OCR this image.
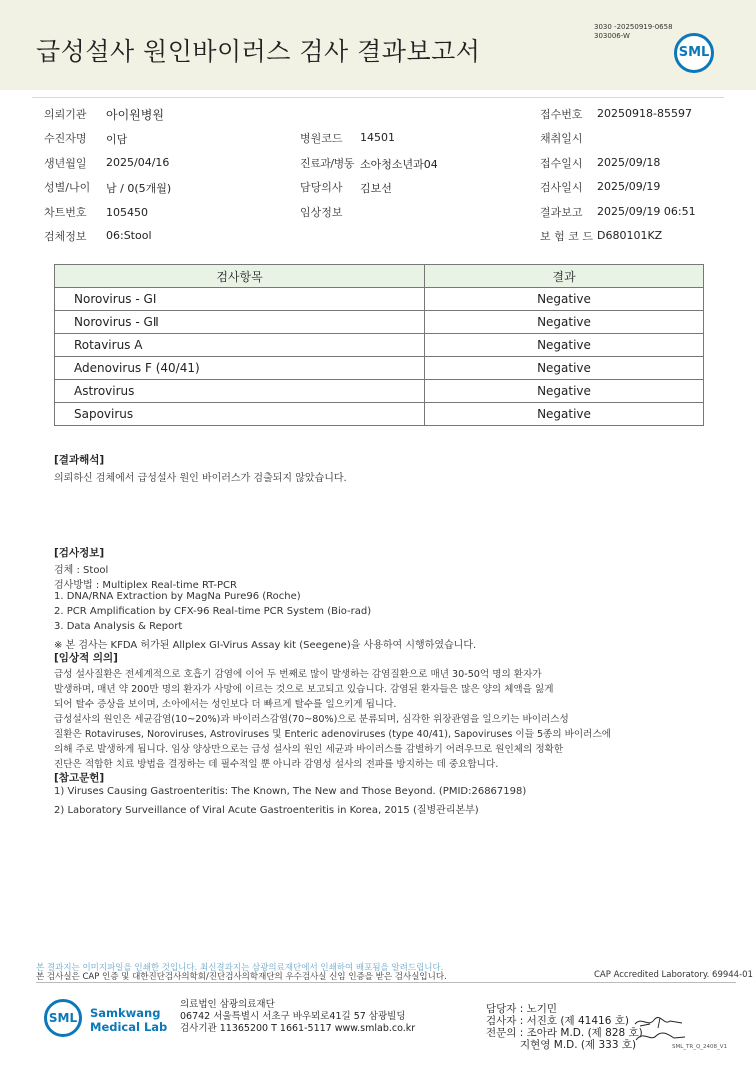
급성설사 원인바이러스 검사 결과보고서
3030 -20250919-0658
303006-W
SML
의뢰기관 아이원병원
수진자명 이담
생년월일 2025/04/16
성별/나이 남 / 0(5개월)
차트번호 105450
검체정보 06:Stool
병원코드 14501
진료과/병동 소아청소년과04
담당의사 김보선
임상정보
접수번호 20250918-85597
채취일시
접수일시 2025/09/18
검사일시 2025/09/19
결과보고 2025/09/19 06:51
보 험 코 드 D680101KZ
검사항목	결과
Norovirus - GⅠ	Negative
Norovirus - GⅡ	Negative
Rotavirus A	Negative
Adenovirus F (40/41)	Negative
Astrovirus	Negative
Sapovirus	Negative
[결과해석]
의뢰하신 검체에서 급성설사 원인 바이러스가 검출되지 않았습니다.
[검사정보]
검체 : Stool
검사방법 : Multiplex Real-time RT-PCR
1. DNA/RNA Extraction by MagNa Pure96 (Roche)
2. PCR Amplification by CFX-96 Real-time PCR System (Bio-rad)
3. Data Analysis & Report
※ 본 검사는 KFDA 허가된 Allplex GI-Virus Assay kit (Seegene)을 사용하여 시행하였습니다.
[임상적 의의]
급성 설사질환은 전세계적으로 호흡기 감염에 이어 두 번째로 많이 발생하는 감염질환으로 매년 30-50억 명의 환자가
발생하며, 매년 약 200만 명의 환자가 사망에 이르는 것으로 보고되고 있습니다. 감염된 환자들은 많은 양의 체액을 잃게
되어 탈수 증상을 보이며, 소아에서는 성인보다 더 빠르게 탈수를 일으키게 됩니다.
급성설사의 원인은 세균감염(10~20%)과 바이러스감염(70~80%)으로 분류되며, 심각한 위장관염을 일으키는 바이러스성
질환은 Rotaviruses, Noroviruses, Astroviruses 및 Enteric adenoviruses (type 40/41), Sapoviruses 이들 5종의 바이러스에
의해 주로 발생하게 됩니다. 임상 양상만으로는 급성 설사의 원인 세균과 바이러스를 감별하기 어려우므로 원인체의 정확한
진단은 적합한 치료 방법을 결정하는 데 필수적일 뿐 아니라 감염성 설사의 전파를 방지하는 데 중요합니다.
[참고문헌]
1) Viruses Causing Gastroenteritis: The Known, The New and Those Beyond. (PMID:26867198)
2) Laboratory Surveillance of Viral Acute Gastroenteritis in Korea, 2015 (질병관리본부)
본 결과지는 이미지파일을 인쇄한 것입니다. 최신결과지는 삼광의료재단에서 인쇄하여 배포됨을 알려드립니다.
본 검사실은 CAP 인증 및 대한진단검사의학회/진단검사의학재단의 우수검사실 신임 인증을 받은 검사실입니다.	CAP Accredited Laboratory. 69944-01
SML Samkwang
Medical Lab
의료법인 삼광의료재단
06742 서울특별시 서초구 바우뫼로41길 57 삼광빌딩
검사기관 11365200 T 1661-5117 www.smlab.co.kr
담당자 : 노기민
검사자 : 서진호 (제 41416 호)
전문의 : 조아라 M.D. (제 828 호)
지현영 M.D. (제 333 호)	SML_TR_Q_2408_V1
